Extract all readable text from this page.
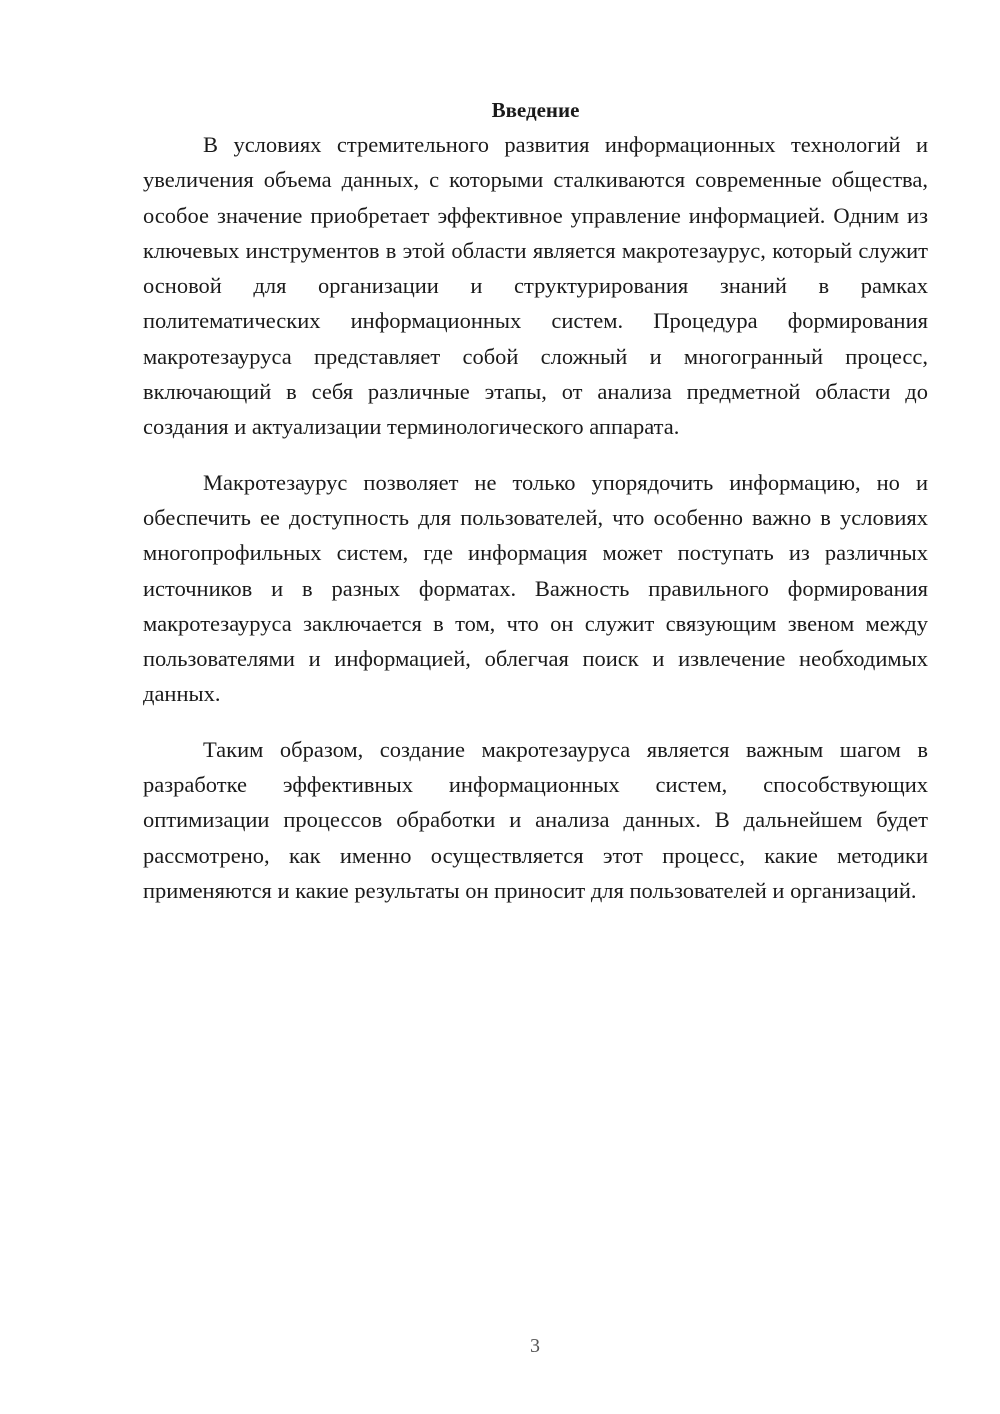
Введение

В условиях стремительного развития информационных технологий и увеличения объема данных, с которыми сталкиваются современные общества, особое значение приобретает эффективное управление информацией. Одним из ключевых инструментов в этой области является макротезаурус, который служит основой для организации и структурирования знаний в рамках политематических информационных систем. Процедура формирования макротезауруса представляет собой сложный и многогранный процесс, включающий в себя различные этапы, от анализа предметной области до создания и актуализации терминологического аппарата.

Макротезаурус позволяет не только упорядочить информацию, но и обеспечить ее доступность для пользователей, что особенно важно в условиях многопрофильных систем, где информация может поступать из различных источников и в разных форматах. Важность правильного формирования макротезауруса заключается в том, что он служит связующим звеном между пользователями и информацией, облегчая поиск и извлечение необходимых данных.

Таким образом, создание макротезауруса является важным шагом в разработке эффективных информационных систем, способствующих оптимизации процессов обработки и анализа данных. В дальнейшем будет рассмотрено, как именно осуществляется этот процесс, какие методики применяются и какие результаты он приносит для пользователей и организаций.

3
